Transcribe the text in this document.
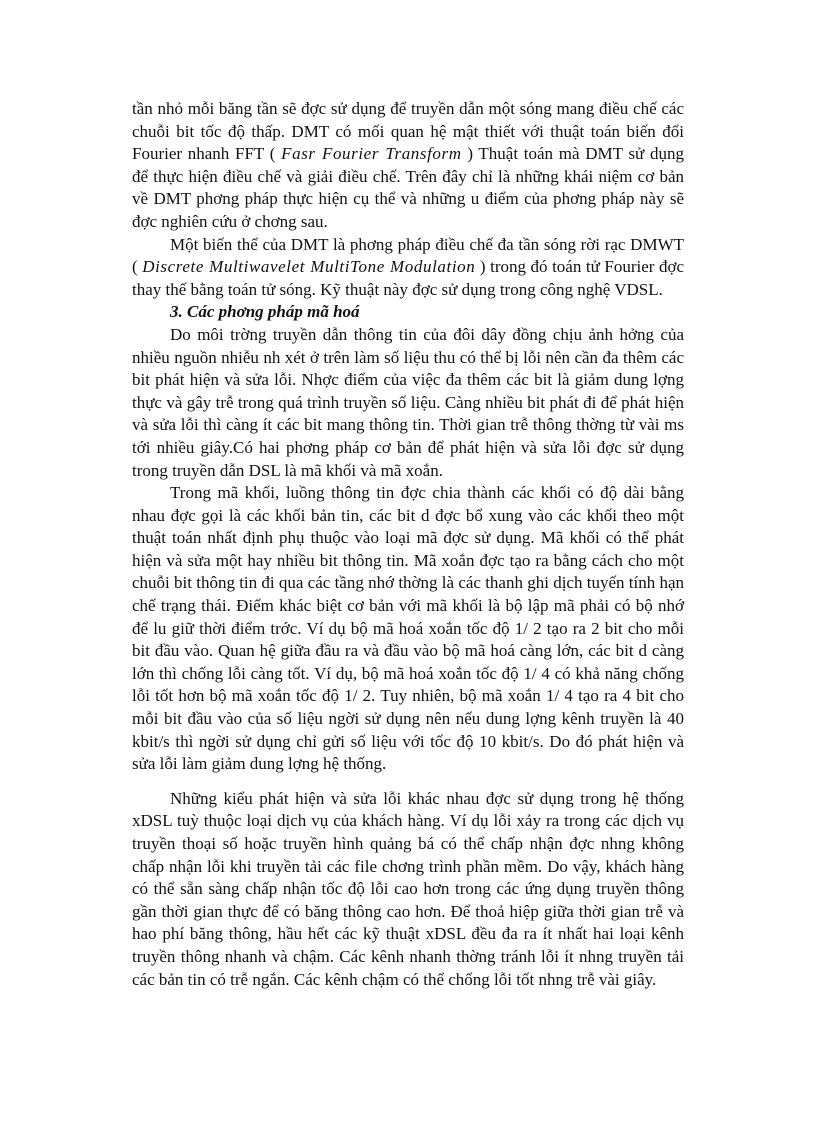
tần nhỏ mỗi băng tần sẽ đợc sử dụng để truyền dẫn một sóng mang điều chế các chuỗi bit tốc độ thấp. DMT có mối quan hệ mật thiết với thuật toán biến đổi Fourier nhanh FFT ( Fasr Fourier Transform ) Thuật toán mà DMT sử dụng để thực hiện điều chế và giải điều chế. Trên đây chỉ là những khái niệm cơ bản về DMT phơng pháp thực hiện cụ thể và những u điểm của phơng pháp này sẽ đợc nghiên cứu ở chơng sau.

Một biến thể của DMT là phơng pháp điều chế đa tần sóng rời rạc DMWT ( Discrete Multiwavelet MultiTone Modulation ) trong đó toán tử Fourier đợc thay thế bằng toán tử sóng. Kỹ thuật này đợc sử dụng trong công nghệ VDSL.

3. Các phơng pháp mã hoá

Do môi trờng truyền dẫn thông tin của đôi dây đồng chịu ảnh hởng của nhiều nguồn nhiễu nh xét ở trên làm số liệu thu có thể bị lỗi nên cần đa thêm các bit phát hiện và sửa lỗi. Nhợc điểm của việc đa thêm các bit là giảm dung lợng thực và gây trễ trong quá trình truyền số liệu. Càng nhiều bit phát đi để phát hiện và sửa lỗi thì càng ít các bit mang thông tin. Thời gian trễ thông thờng từ vài ms tới nhiều giây.Có hai phơng pháp cơ bản để phát hiện và sửa lỗi đợc sử dụng trong truyền dẫn DSL là mã khối và mã xoắn.

Trong mã khối, luồng thông tin đợc chia thành các khối có độ dài bằng nhau đợc gọi là các khối bản tin, các bit d đợc bổ xung vào các khối theo một thuật toán nhất định phụ thuộc vào loại mã đợc sử dụng. Mã khối có thể phát hiện và sửa một hay nhiều bit thông tin. Mã xoắn đợc tạo ra bằng cách cho một chuỗi bit thông tin đi qua các tầng nhớ thờng là các thanh ghi dịch tuyến tính hạn chế trạng thái. Điểm khác biệt cơ bản với mã khối là bộ lập mã phải có bộ nhớ để lu giữ thời điểm trớc. Ví dụ bộ mã hoá xoắn tốc độ 1/ 2 tạo ra 2 bit cho mỗi bit đầu vào. Quan hệ giữa đầu ra và đầu vào bộ mã hoá càng lớn, các bit d càng lớn thì chống lỗi càng tốt. Ví dụ, bộ mã hoá xoắn tốc độ 1/ 4 có khả năng chống lỗi tốt hơn bộ mã xoắn tốc độ 1/ 2. Tuy nhiên, bộ mã xoắn 1/ 4 tạo ra 4 bit cho mỗi bit đầu vào của số liệu ngời sử dụng nên nếu dung lợng kênh truyền là 40 kbit/s thì ngời sử dụng chỉ gửi số liệu với tốc độ 10 kbit/s. Do đó phát hiện và sửa lỗi làm giảm dung lợng hệ thống.

Những kiểu phát hiện và sửa lỗi khác nhau đợc sử dụng trong hệ thống xDSL tuỳ thuộc loại dịch vụ của khách hàng. Ví dụ lỗi xảy ra trong các dịch vụ truyền thoại số hoặc truyền hình quảng bá có thể chấp nhận đợc nhng không chấp nhận lỗi khi truyền tải các file chơng trình phần mềm. Do vậy, khách hàng có thể sẵn sàng chấp nhận tốc độ lỗi cao hơn trong các ứng dụng truyền thông gần thời gian thực để có băng thông cao hơn. Để thoả hiệp giữa thời gian trễ và hao phí băng thông, hầu hết các kỹ thuật xDSL đều đa ra ít nhất hai loại kênh truyền thông nhanh và chậm. Các kênh nhanh thờng tránh lỗi ít nhng truyền tải các bản tin có trễ ngắn. Các kênh chậm có thể chống lỗi tốt nhng trễ vài giây.
